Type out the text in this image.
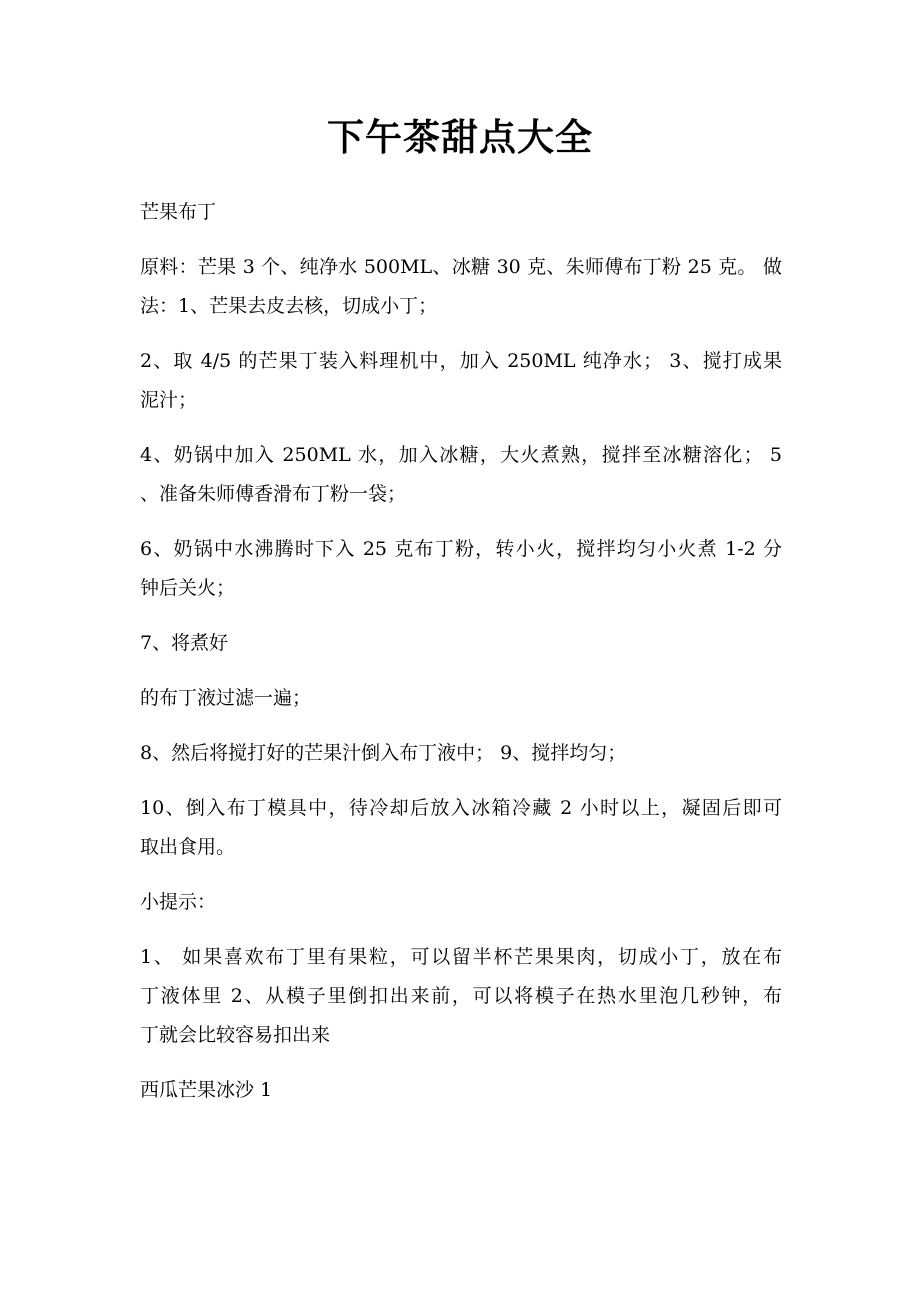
下午茶甜点大全

芒果布丁

原料：芒果 3 个、纯净水 500ML、冰糖 30 克、朱师傅布丁粉 25 克。 做
法：1、芒果去皮去核，切成小丁；

2、取 4/5 的芒果丁装入料理机中，加入 250ML 纯净水； 3、搅打成果
泥汁；

4、奶锅中加入 250ML 水，加入冰糖，大火煮熟，搅拌至冰糖溶化； 5
、准备朱师傅香滑布丁粉一袋；

6、奶锅中水沸腾时下入 25 克布丁粉，转小火，搅拌均匀小火煮 1-2 分
钟后关火；

7、将煮好

的布丁液过滤一遍；

8、然后将搅打好的芒果汁倒入布丁液中； 9、搅拌均匀；

10、倒入布丁模具中，待冷却后放入冰箱冷藏 2 小时以上，凝固后即可
取出食用。

小提示：

1、 如果喜欢布丁里有果粒，可以留半杯芒果果肉，切成小丁，放在布
丁液体里 2、从模子里倒扣出来前，可以将模子在热水里泡几秒钟，布
丁就会比较容易扣出来

西瓜芒果冰沙 1
